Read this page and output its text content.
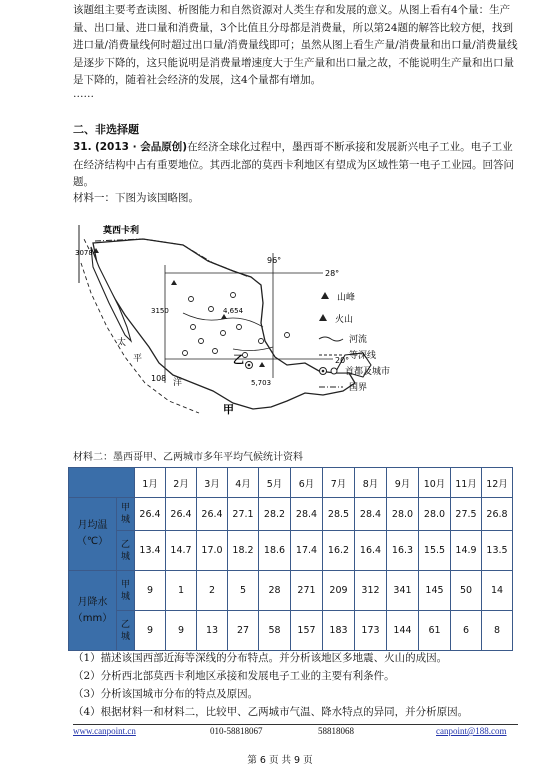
该题组主要考查读图、析图能力和自然资源对人类生存和发展的意义。从图上看有4个量：生产量、出口量、进口量和消费量，3个比值且分母都是消费量，所以第24题的解答比较方便，找到进口量/消费量线何时超过出口量/消费量线即可；虽然从图上看生产量/消费量和出口量/消费量线是逐步下降的，这只能说明是消费量增速度大于生产量和出口量之故，不能说明生产量和出口量是下降的，随着社会经济的发展，这4个量都有增加。

……
二、非选择题

31. (2013 · 会品原创)在经济全球化过程中，墨西哥不断承接和发展新兴电子工业。电子工业在经济结构中占有重要地位。其西北部的莫西卡利地区有望成为区域性第一电子工业园。回答问题。

材料一：下图为该国略图。
莫西卡利
3078
3150	4,654
5,703
28°
20°
96°
108
乙
甲
太
平
洋
山峰
火山
河流
等深线
首都及城市
国界
材料二：墨西哥甲、乙两城市多年平均气候统计资料
		1月	2月	3月	4月	5月	6月	7月	8月	9月	10月	11月	12月
月均温（℃）	甲城	26.4	26.4	26.4	27.1	28.2	28.4	28.5	28.4	28.0	28.0	27.5	26.8
	乙城	13.4	14.7	17.0	18.2	18.6	17.4	16.2	16.4	16.3	15.5	14.9	13.5
月降水（mm）	甲城	9	1	2	5	28	271	209	312	341	145	50	14
	乙城	9	9	13	27	58	157	183	173	144	61	6	8
（1）描述该国西部近海等深线的分布特点。并分析该地区多地震、火山的成因。
（2）分析西北部莫西卡利地区承接和发展电子工业的主要有利条件。
（3）分析该国城市分布的特点及原因。
（4）根据材料一和材料二，比较甲、乙两城市气温、降水特点的异同，并分析原因。
www.canpoint.cn	010-58818067	58818068	canpoint@188.com
第 6 页 共 9 页
